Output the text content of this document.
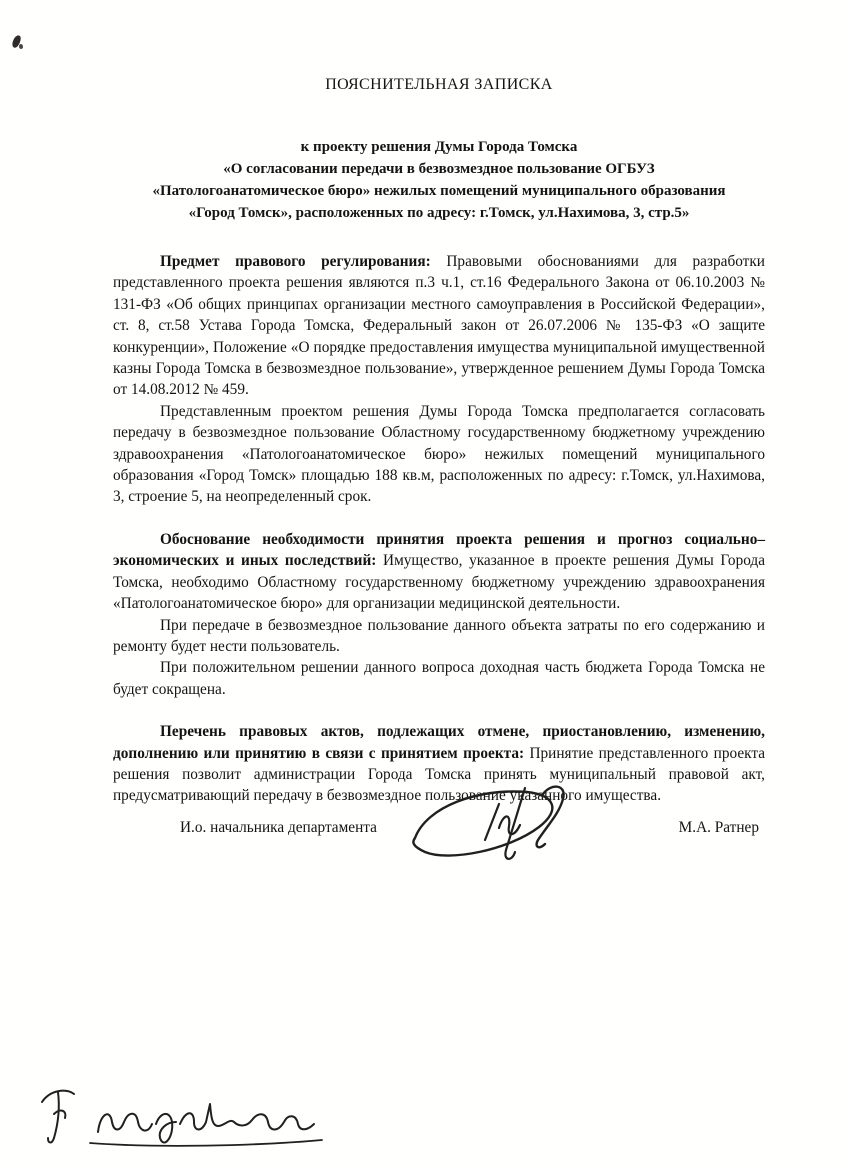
ПОЯСНИТЕЛЬНАЯ ЗАПИСКА
к проекту решения Думы Города Томска
«О согласовании передачи в безвозмездное пользование ОГБУЗ
«Патологоанатомическое бюро» нежилых помещений муниципального образования
«Город Томск», расположенных по адресу: г.Томск, ул.Нахимова, 3, стр.5»

Предмет правового регулирования: Правовыми обоснованиями для разработки представленного проекта решения являются п.3 ч.1, ст.16 Федерального Закона от 06.10.2003 № 131-ФЗ «Об общих принципах организации местного самоуправления в Российской Федерации», ст. 8, ст.58 Устава Города Томска, Федеральный закон от 26.07.2006 № 135-ФЗ «О защите конкуренции», Положение «О порядке предоставления имущества муниципальной имущественной казны Города Томска в безвозмездное пользование», утвержденное решением Думы Города Томска от 14.08.2012 № 459.

Представленным проектом решения Думы Города Томска предполагается согласовать передачу в безвозмездное пользование Областному государственному бюджетному учреждению здравоохранения «Патологоанатомическое бюро» нежилых помещений муниципального образования «Город Томск» площадью 188 кв.м, расположенных по адресу: г.Томск, ул.Нахимова, 3, строение 5, на неопределенный срок.

Обоснование необходимости принятия проекта решения и прогноз социально–экономических и иных последствий: Имущество, указанное в проекте решения Думы Города Томска, необходимо Областному государственному бюджетному учреждению здравоохранения «Патологоанатомическое бюро» для организации медицинской деятельности.

При передаче в безвозмездное пользование данного объекта затраты по его содержанию и ремонту будет нести пользователь.

При положительном решении данного вопроса доходная часть бюджета Города Томска не будет сокращена.

Перечень правовых актов, подлежащих отмене, приостановлению, изменению, дополнению или принятию в связи с принятием проекта: Принятие представленного проекта решения позволит администрации Города Томска принять муниципальный правовой акт, предусматривающий передачу в безвозмездное пользование указанного имущества.

И.о. начальника департамента	М.А. Ратнер
